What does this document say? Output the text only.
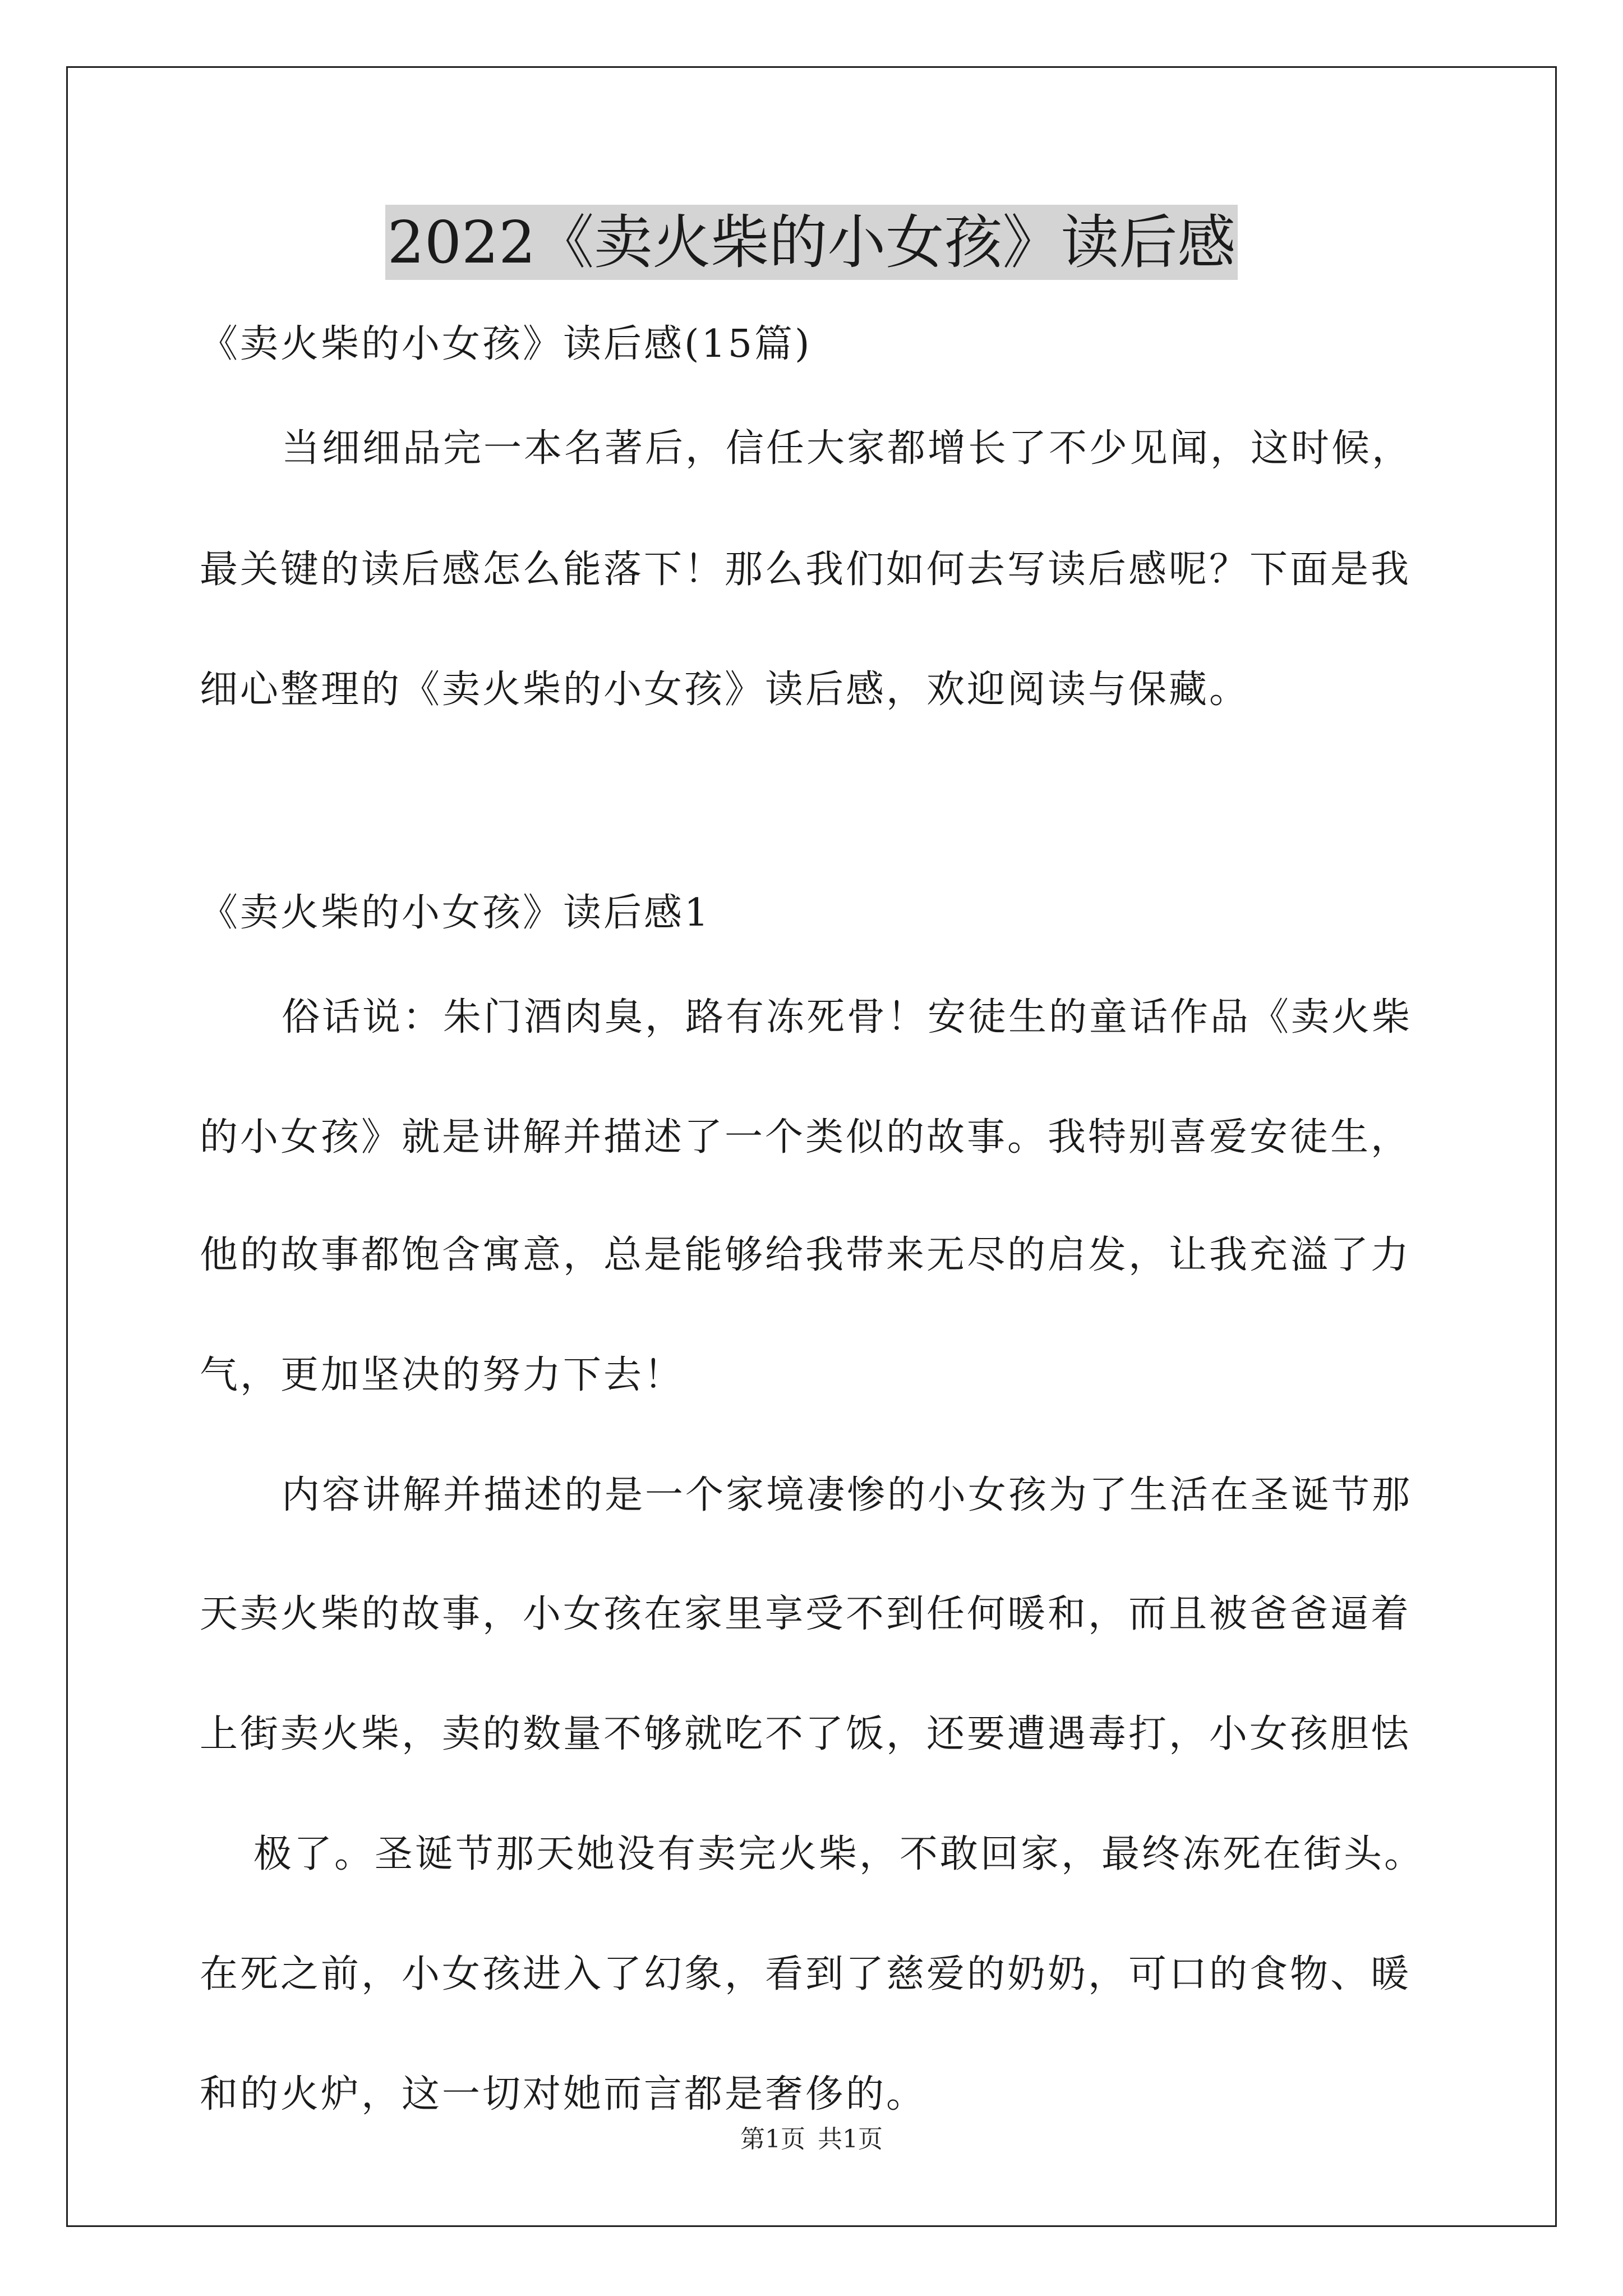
2022《卖火柴的小女孩》读后感
《卖火柴的小女孩》读后感(15篇)
当细细品完一本名著后，信任大家都增长了不少见闻，这时候，
最关键的读后感怎么能落下！那么我们如何去写读后感呢？下面是我
细心整理的《卖火柴的小女孩》读后感，欢迎阅读与保藏。
《卖火柴的小女孩》读后感1
俗话说：朱门酒肉臭，路有冻死骨！安徒生的童话作品《卖火柴
的小女孩》就是讲解并描述了一个类似的故事。我特别喜爱安徒生，
他的故事都饱含寓意，总是能够给我带来无尽的启发，让我充溢了力
气，更加坚决的努力下去！
内容讲解并描述的是一个家境凄惨的小女孩为了生活在圣诞节那
天卖火柴的故事，小女孩在家里享受不到任何暖和，而且被爸爸逼着
上街卖火柴，卖的数量不够就吃不了饭，还要遭遇毒打，小女孩胆怯
极了。圣诞节那天她没有卖完火柴，不敢回家，最终冻死在街头。
在死之前，小女孩进入了幻象，看到了慈爱的奶奶，可口的食物、暖
和的火炉，这一切对她而言都是奢侈的。
第1页 共1页
